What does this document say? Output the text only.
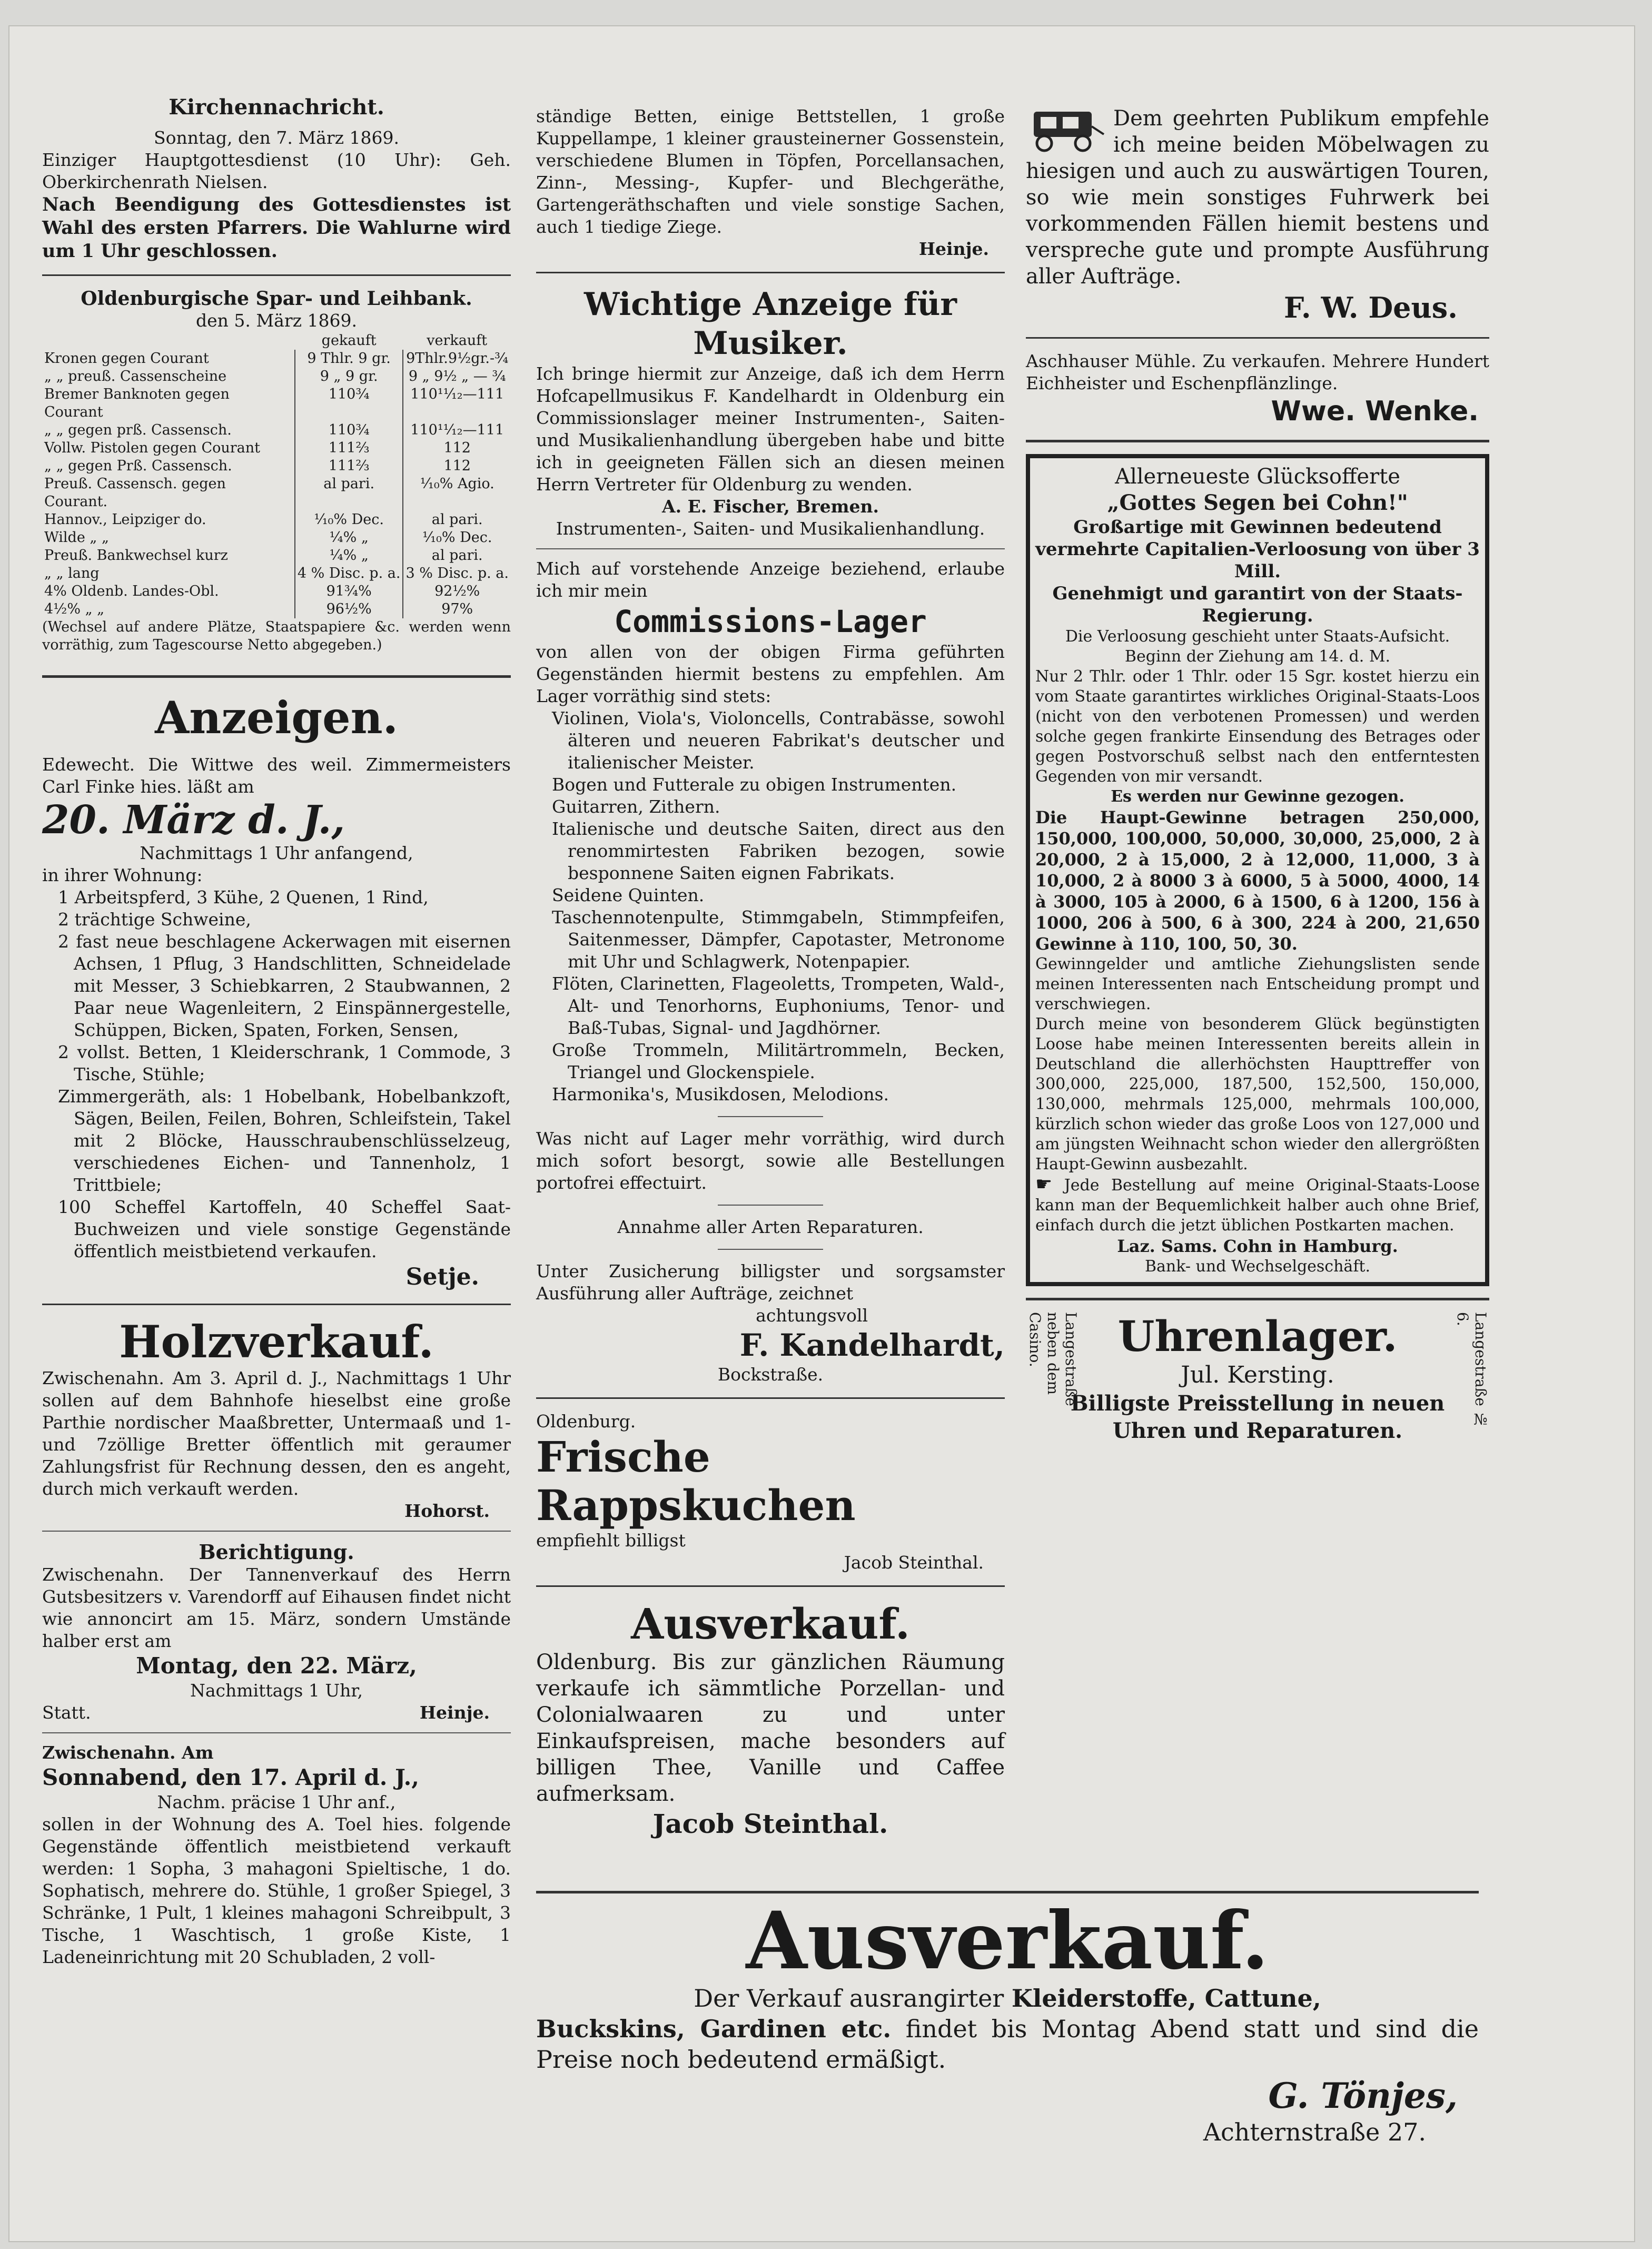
Kirchennachricht.

Sonntag, den 7. März 1869.

Einziger Hauptgottesdienst (10 Uhr): Geh. Oberkirchenrath Nielsen.

Nach Beendigung des Gottesdienstes ist Wahl des ersten Pfarrers. Die Wahlurne wird um 1 Uhr geschlossen.

Oldenburgische Spar- und Leihbank.

den 5. März 1869.

	gekauft	verkauft
Kronen gegen Courant	9 Thlr. 9 gr.	9Thlr.9½gr.-¾
„ „ preuß. Cassenscheine	9 „ 9 gr.	9 „ 9½ „ — ¾
Bremer Banknoten gegen Courant	110¾	110¹¹⁄₁₂—111
„ „ gegen prß. Cassensch.	110¾	110¹¹⁄₁₂—111
Vollw. Pistolen gegen Courant	111⅔	112
„ „ gegen Prß. Cassensch.	111⅔	112
Preuß. Cassensch. gegen Courant.	al pari.	¹⁄₁₀% Agio.
Hannov., Leipziger do.	¹⁄₁₀% Dec.	al pari.
Wilde „ „	¹⁄₄% „	¹⁄₁₀% Dec.
Preuß. Bankwechsel kurz	¹⁄₄% „	al pari.
„ „ lang	4 % Disc. p. a.	3 % Disc. p. a.
4% Oldenb. Landes-Obl.	91¾%	92½%
4½% „ „	96½%	97%

(Wechsel auf andere Plätze, Staatspapiere &c. werden wenn vorräthig, zum Tagescourse Netto abgegeben.)

Anzeigen.

Edewecht. Die Wittwe des weil. Zimmermeisters Carl Finke hies. läßt am

20. März d. J.,

Nachmittags 1 Uhr anfangend,

in ihrer Wohnung:

1 Arbeitspferd, 3 Kühe, 2 Quenen, 1 Rind,

2 trächtige Schweine,

2 fast neue beschlagene Ackerwagen mit eisernen Achsen, 1 Pflug, 3 Handschlitten, Schneidelade mit Messer, 3 Schiebkarren, 2 Staubwannen, 2 Paar neue Wagenleitern, 2 Einspännergestelle, Schüppen, Bicken, Spaten, Forken, Sensen,

2 vollst. Betten, 1 Kleiderschrank, 1 Commode, 3 Tische, Stühle;

Zimmergeräth, als: 1 Hobelbank, Hobelbankzoft, Sägen, Beilen, Feilen, Bohren, Schleifstein, Takel mit 2 Blöcke, Hausschraubenschlüsselzeug, verschiedenes Eichen- und Tannenholz, 1 Trittbiele;

100 Scheffel Kartoffeln, 40 Scheffel Saat-Buchweizen und viele sonstige Gegenstände öffentlich meistbietend verkaufen.

Setje.

Holzverkauf.

Zwischenahn. Am 3. April d. J., Nachmittags 1 Uhr sollen auf dem Bahnhofe hieselbst eine große Parthie nordischer Maaßbretter, Untermaaß und 1- und 7zöllige Bretter öffentlich mit geraumer Zahlungsfrist für Rechnung dessen, den es angeht, durch mich verkauft werden.

Hohorst.

Berichtigung.

Zwischenahn. Der Tannenverkauf des Herrn Gutsbesitzers v. Varendorff auf Eihausen findet nicht wie annoncirt am 15. März, sondern Umstände halber erst am

Montag, den 22. März,

Nachmittags 1 Uhr,

Statt.	Heinje.

Zwischenahn. Am

Sonnabend, den 17. April d. J.,

Nachm. präcise 1 Uhr anf.,

sollen in der Wohnung des A. Toel hies. folgende Gegenstände öffentlich meistbietend verkauft werden: 1 Sopha, 3 mahagoni Spieltische, 1 do. Sophatisch, mehrere do. Stühle, 1 großer Spiegel, 3 Schränke, 1 Pult, 1 kleines mahagoni Schreibpult, 3 Tische, 1 Waschtisch, 1 große Kiste, 1 Ladeneinrichtung mit 20 Schubladen, 2 voll-

ständige Betten, einige Bettstellen, 1 große Kuppellampe, 1 kleiner grausteinerner Gossenstein, verschiedene Blumen in Töpfen, Porcellansachen, Zinn-, Messing-, Kupfer- und Blechgeräthe, Gartengeräthschaften und viele sonstige Sachen, auch 1 tiedige Ziege.

Heinje.

Wichtige Anzeige für Musiker.

Ich bringe hiermit zur Anzeige, daß ich dem Herrn Hofcapellmusikus F. Kandelhardt in Oldenburg ein Commissionslager meiner Instrumenten-, Saiten- und Musikalienhandlung übergeben habe und bitte ich in geeigneten Fällen sich an diesen meinen Herrn Vertreter für Oldenburg zu wenden.

A. E. Fischer, Bremen.

Instrumenten-, Saiten- und Musikalienhandlung.

Mich auf vorstehende Anzeige beziehend, erlaube ich mir mein

Commissions-Lager

von allen von der obigen Firma geführten Gegenständen hiermit bestens zu empfehlen. Am Lager vorräthig sind stets:

Violinen, Viola's, Violoncells, Contrabässe, sowohl älteren und neueren Fabrikat's deutscher und italienischer Meister.

Bogen und Futterale zu obigen Instrumenten.

Guitarren, Zithern.

Italienische und deutsche Saiten, direct aus den renommirtesten Fabriken bezogen, sowie besponnene Saiten eignen Fabrikats.

Seidene Quinten.

Taschennotenpulte, Stimmgabeln, Stimmpfeifen, Saitenmesser, Dämpfer, Capotaster, Metronome mit Uhr und Schlagwerk, Notenpapier.

Flöten, Clarinetten, Flageoletts, Trompeten, Wald-, Alt- und Tenorhorns, Euphoniums, Tenor- und Baß-Tubas, Signal- und Jagdhörner.

Große Trommeln, Militärtrommeln, Becken, Triangel und Glockenspiele.

Harmonika's, Musikdosen, Melodions.

Was nicht auf Lager mehr vorräthig, wird durch mich sofort besorgt, sowie alle Bestellungen portofrei effectuirt.

Annahme aller Arten Reparaturen.

Unter Zusicherung billigster und sorgsamster Ausführung aller Aufträge, zeichnet

achtungsvoll

F. Kandelhardt,

Bockstraße.

Oldenburg.

Frische Rappskuchen

empfiehlt billigst

Jacob Steinthal.

Ausverkauf.

Oldenburg. Bis zur gänzlichen Räumung verkaufe ich sämmtliche Porzellan- und Colonialwaaren zu und unter Einkaufspreisen, mache besonders auf billigen Thee, Vanille und Caffee aufmerksam.

Jacob Steinthal.

Dem geehrten Publikum empfehle ich meine beiden Möbelwagen zu hiesigen und auch zu auswärtigen Touren, so wie mein sonstiges Fuhrwerk bei vorkommenden Fällen hiemit bestens und verspreche gute und prompte Ausführung aller Aufträge.

F. W. Deus.

Aschhauser Mühle. Zu verkaufen. Mehrere Hundert Eichheister und Eschenpflänzlinge.

Wwe. Wenke.

Allerneueste Glücksofferte

„Gottes Segen bei Cohn!"

Großartige mit Gewinnen bedeutend vermehrte Capitalien-Verloosung von über 3 Mill.

Genehmigt und garantirt von der Staats-Regierung.

Die Verloosung geschieht unter Staats-Aufsicht.

Beginn der Ziehung am 14. d. M.

Nur 2 Thlr. oder 1 Thlr. oder 15 Sgr. kostet hierzu ein vom Staate garantirtes wirkliches Original-Staats-Loos (nicht von den verbotenen Promessen) und werden solche gegen frankirte Einsendung des Betrages oder gegen Postvorschuß selbst nach den entferntesten Gegenden von mir versandt.

Es werden nur Gewinne gezogen.

Die Haupt-Gewinne betragen 250,000, 150,000, 100,000, 50,000, 30,000, 25,000, 2 à 20,000, 2 à 15,000, 2 à 12,000, 11,000, 3 à 10,000, 2 à 8000 3 à 6000, 5 à 5000, 4000, 14 à 3000, 105 à 2000, 6 à 1500, 6 à 1200, 156 à 1000, 206 à 500, 6 à 300, 224 à 200, 21,650 Gewinne à 110, 100, 50, 30.

Gewinngelder und amtliche Ziehungslisten sende meinen Interessenten nach Entscheidung prompt und verschwiegen.

Durch meine von besonderem Glück begünstigten Loose habe meinen Interessenten bereits allein in Deutschland die allerhöchsten Haupttreffer von 300,000, 225,000, 187,500, 152,500, 150,000, 130,000, mehrmals 125,000, mehrmals 100,000, kürzlich schon wieder das große Loos von 127,000 und am jüngsten Weihnacht schon wieder den allergrößten Haupt-Gewinn ausbezahlt.

☛ Jede Bestellung auf meine Original-Staats-Loose kann man der Bequemlichkeit halber auch ohne Brief, einfach durch die jetzt üblichen Postkarten machen.

Laz. Sams. Cohn in Hamburg.

Bank- und Wechselgeschäft.

Langestraße neben dem Casino.	Langestraße № 6.

Uhrenlager.

Jul. Kersting.

Billigste Preisstellung in neuen Uhren und Reparaturen.

Ausverkauf.

Der Verkauf ausrangirter Kleiderstoffe, Cattune,

Buckskins, Gardinen etc. findet bis Montag Abend statt und sind die Preise noch bedeutend ermäßigt.

G. Tönjes,

Achternstraße 27.
